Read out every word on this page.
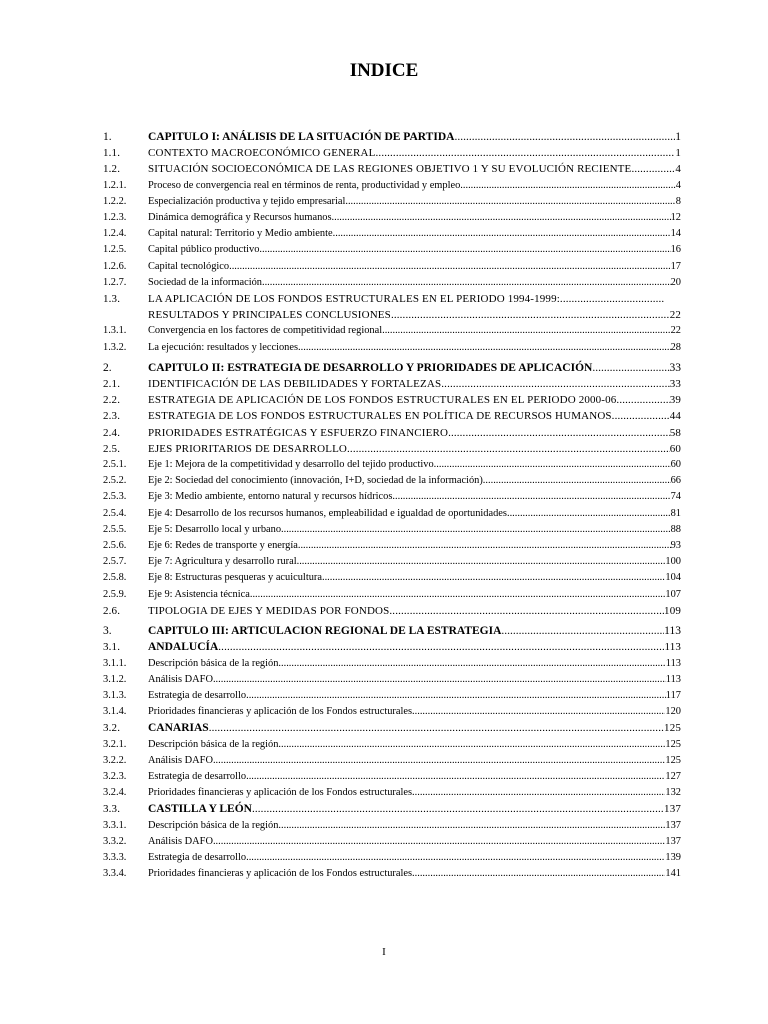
INDICE
1.	CAPITULO I: ANÁLISIS DE LA SITUACIÓN DE PARTIDA .....	1
1.1.	CONTEXTO MACROECONÓMICO GENERAL .....	1
1.2.	SITUACIÓN SOCIOECONÓMICA DE LAS REGIONES OBJETIVO 1 Y SU EVOLUCIÓN RECIENTE .....	4
1.2.1.	Proceso de convergencia real en términos de renta, productividad y empleo .....	4
1.2.2.	Especialización productiva y tejido empresarial .....	8
1.2.3.	Dinámica demográfica y Recursos humanos .....	12
1.2.4.	Capital natural: Territorio y Medio ambiente. .....	14
1.2.5.	Capital público productivo. .....	16
1.2.6.	Capital tecnológico .....	17
1.2.7.	Sociedad de la información .....	20
1.3.	LA APLICACIÓN DE LOS FONDOS ESTRUCTURALES EN EL PERIODO 1994-1999:....................................
RESULTADOS Y PRINCIPALES CONCLUSIONES .....	22
1.3.1.	Convergencia en los factores de competitividad regional .....	22
1.3.2.	La ejecución: resultados y lecciones .....	28
2.	CAPITULO II: ESTRATEGIA DE DESARROLLO Y PRIORIDADES DE APLICACIÓN .....	33
2.1.	IDENTIFICACIÓN DE LAS DEBILIDADES Y FORTALEZAS .....	33
2.2.	ESTRATEGIA DE APLICACIÓN DE LOS FONDOS ESTRUCTURALES EN EL PERIODO 2000-06 .....	39
2.3.	ESTRATEGIA DE LOS FONDOS ESTRUCTURALES EN POLÍTICA DE RECURSOS HUMANOS. .....	44
2.4.	PRIORIDADES ESTRATÉGICAS Y ESFUERZO FINANCIERO .....	58
2.5.	EJES PRIORITARIOS DE DESARROLLO .....	60
2.5.1.	Eje 1: Mejora de la competitividad y desarrollo del tejido productivo. .....	60
2.5.2.	Eje 2: Sociedad del conocimiento (innovación, I+D, sociedad de la información) .....	66
2.5.3.	Eje 3: Medio ambiente, entorno natural y recursos hídricos .....	74
2.5.4.	Eje 4: Desarrollo de los recursos humanos, empleabilidad e igualdad de oportunidades .....	81
2.5.5.	Eje 5: Desarrollo local y urbano .....	88
2.5.6.	Eje 6: Redes de transporte y energía .....	93
2.5.7.	Eje 7: Agricultura y desarrollo rural .....	100
2.5.8.	Eje 8: Estructuras pesqueras y acuicultura .....	104
2.5.9.	Eje 9: Asistencia técnica .....	107
2.6.	TIPOLOGIA DE EJES Y MEDIDAS POR FONDOS .....	109
3.	CAPITULO III: ARTICULACION REGIONAL DE LA ESTRATEGIA .....	113
3.1.	ANDALUCÍA .....	113
3.1.1.	Descripción básica de la región .....	113
3.1.2.	Análisis DAFO .....	113
3.1.3.	Estrategia de desarrollo .....	117
3.1.4.	Prioridades financieras y aplicación de los Fondos estructurales .....	120
3.2.	CANARIAS .....	125
3.2.1.	Descripción básica de la región .....	125
3.2.2.	Análisis DAFO .....	125
3.2.3.	Estrategia de desarrollo .....	127
3.2.4.	Prioridades financieras y aplicación de los Fondos estructurales .....	132
3.3.	CASTILLA Y LEÓN .....	137
3.3.1.	Descripción básica de la región .....	137
3.3.2.	Análisis DAFO .....	137
3.3.3.	Estrategia de desarrollo .....	139
3.3.4.	Prioridades financieras y aplicación de los Fondos estructurales .....	141
I
